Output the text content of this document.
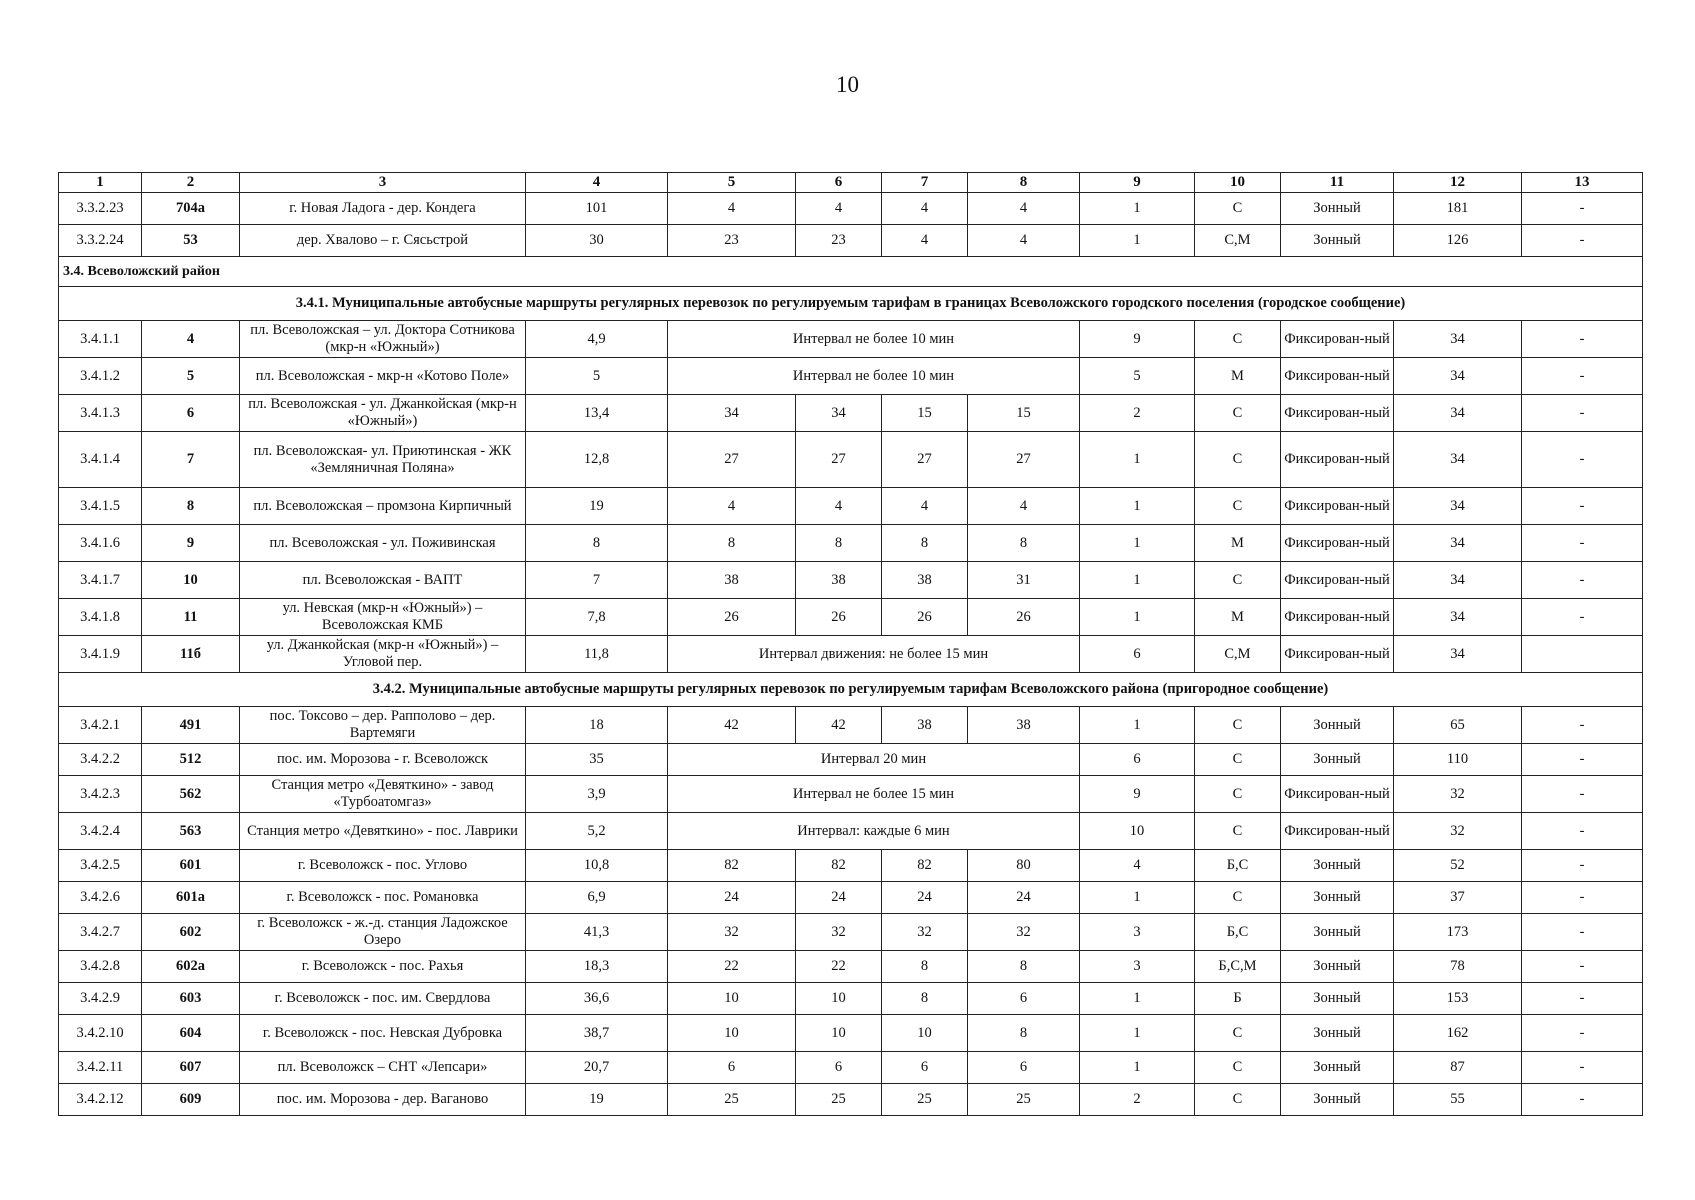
10
1	2	3	4	5	6	7	8	9	10	11	12	13
3.3.2.23	704а	г. Новая Ладога - дер. Кондега	101	4	4	4	4	1	С	Зонный	181	-
3.3.2.24	53	дер. Хвалово – г. Сясьстрой	30	23	23	4	4	1	С,М	Зонный	126	-
3.4. Всеволожский район												
3.4.1. Муниципальные автобусные маршруты регулярных перевозок по регулируемым тарифам в границах Всеволожского городского поселения (городское сообщение)												
3.4.1.1	4	пл. Всеволожская – ул. Доктора Сотникова (мкр-н «Южный»)	4,9	Интервал не более 10 мин				9	С	Фиксирован-ный	34	-
3.4.1.2	5	пл. Всеволожская - мкр-н «Котово Поле»	5	Интервал не более 10 мин				5	М	Фиксирован-ный	34	-
3.4.1.3	6	пл. Всеволожская - ул. Джанкойская (мкр-н «Южный»)	13,4	34	34	15	15	2	С	Фиксирован-ный	34	-
3.4.1.4	7	пл. Всеволожская- ул. Приютинская - ЖК «Земляничная Поляна»	12,8	27	27	27	27	1	С	Фиксирован-ный	34	-
3.4.1.5	8	пл. Всеволожская – промзона Кирпичный	19	4	4	4	4	1	С	Фиксирован-ный	34	-
3.4.1.6	9	пл. Всеволожская - ул. Поживинская	8	8	8	8	8	1	М	Фиксирован-ный	34	-
3.4.1.7	10	пл. Всеволожская - ВАПТ	7	38	38	38	31	1	С	Фиксирован-ный	34	-
3.4.1.8	11	ул. Невская (мкр-н «Южный») – Всеволожская КМБ	7,8	26	26	26	26	1	М	Фиксирован-ный	34	-
3.4.1.9	11б	ул. Джанкойская (мкр-н «Южный») – Угловой пер.	11,8	Интервал движения: не более 15 мин				6	С,М	Фиксирован-ный	34	
3.4.2. Муниципальные автобусные маршруты регулярных перевозок по регулируемым тарифам Всеволожского района (пригородное сообщение)												
3.4.2.1	491	пос. Токсово – дер. Рапполово – дер. Вартемяги	18	42	42	38	38	1	С	Зонный	65	-
3.4.2.2	512	пос. им. Морозова - г. Всеволожск	35	Интервал 20 мин				6	С	Зонный	110	-
3.4.2.3	562	Станция метро «Девяткино» - завод «Турбоатомгаз»	3,9	Интервал не более 15 мин				9	С	Фиксирован-ный	32	-
3.4.2.4	563	Станция метро «Девяткино» - пос. Лаврики	5,2	Интервал: каждые 6 мин				10	С	Фиксирован-ный	32	-
3.4.2.5	601	г. Всеволожск - пос. Углово	10,8	82	82	82	80	4	Б,С	Зонный	52	-
3.4.2.6	601а	г. Всеволожск - пос. Романовка	6,9	24	24	24	24	1	С	Зонный	37	-
3.4.2.7	602	г. Всеволожск - ж.-д. станция Ладожское Озеро	41,3	32	32	32	32	3	Б,С	Зонный	173	-
3.4.2.8	602а	г. Всеволожск - пос. Рахья	18,3	22	22	8	8	3	Б,С,М	Зонный	78	-
3.4.2.9	603	г. Всеволожск - пос. им. Свердлова	36,6	10	10	8	6	1	Б	Зонный	153	-
3.4.2.10	604	г. Всеволожск - пос. Невская Дубровка	38,7	10	10	10	8	1	С	Зонный	162	-
3.4.2.11	607	пл. Всеволожск – СНТ «Лепсари»	20,7	6	6	6	6	1	С	Зонный	87	-
3.4.2.12	609	пос. им. Морозова - дер. Ваганово	19	25	25	25	25	2	С	Зонный	55	-
